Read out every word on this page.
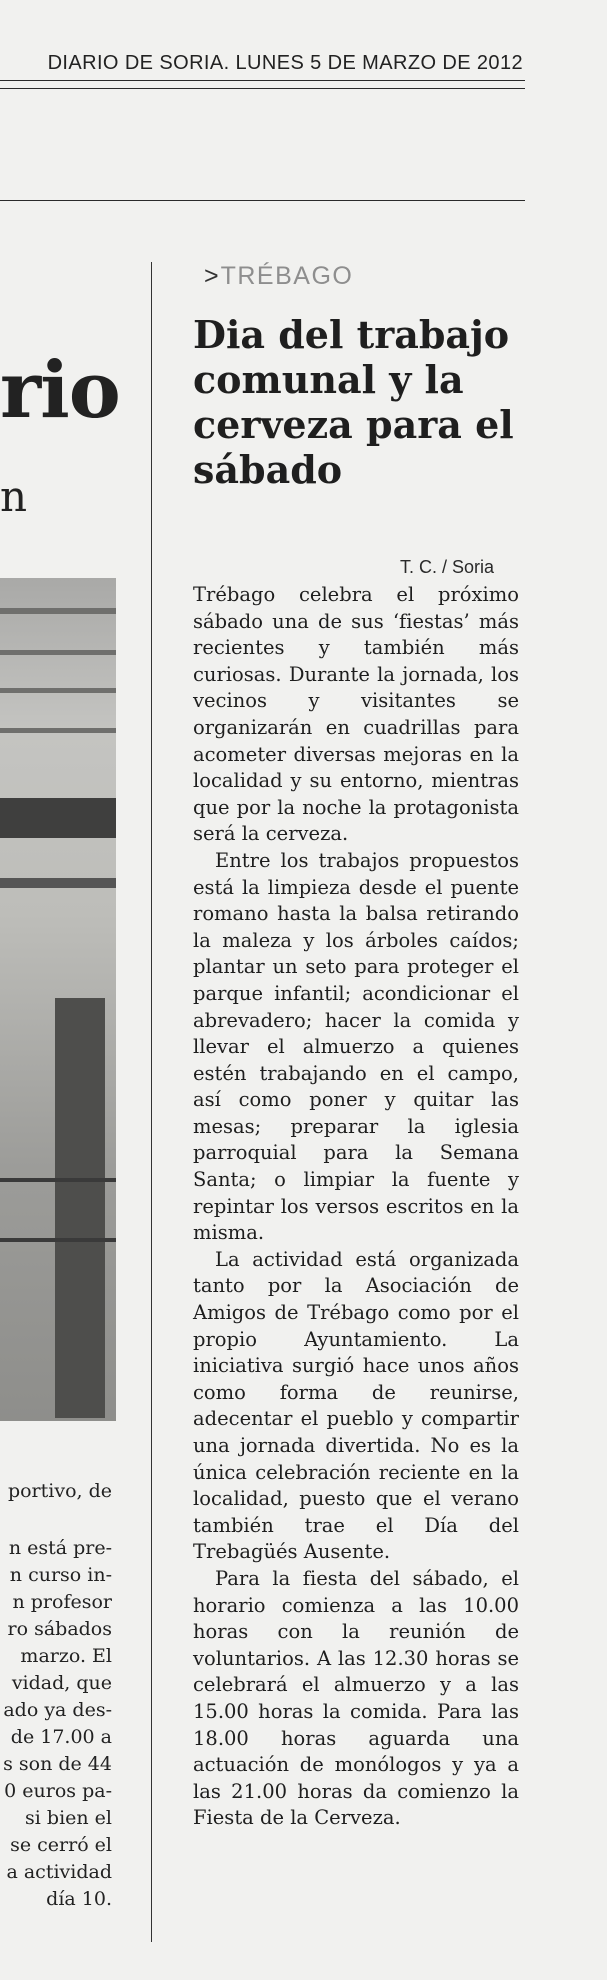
DIARIO DE SORIA. LUNES 5 DE MARZO DE 2012
rio
n
portivo, de
n está pre-
n curso in-
n profesor
ro sábados
marzo. El
vidad, que
ado ya des-
de 17.00 a
s son de 44
0 euros pa-
si bien el
se cerró el
a actividad
día 10.
>TRÉBAGO
Dia del trabajo comunal y la cerveza para el sábado
T. C. / Soria

Trébago celebra el próximo sábado una de sus ‘fiestas’ más recientes y también más curiosas. Durante la jornada, los vecinos y visitantes se organizarán en cuadrillas para acometer diversas mejoras en la localidad y su entorno, mientras que por la noche la protagonista será la cerveza.

Entre los trabajos propuestos está la limpieza desde el puente romano hasta la balsa retirando la maleza y los árboles caídos; plantar un seto para proteger el parque infantil; acondicionar el abrevadero; hacer la comida y llevar el almuerzo a quienes estén trabajando en el campo, así como poner y quitar las mesas; preparar la iglesia parroquial para la Semana Santa; o limpiar la fuente y repintar los versos escritos en la misma.

La actividad está organizada tanto por la Asociación de Amigos de Trébago como por el propio Ayuntamiento. La iniciativa surgió hace unos años como forma de reunirse, adecentar el pueblo y compartir una jornada divertida. No es la única celebración reciente en la localidad, puesto que el verano también trae el Día del Trebagüés Ausente.

Para la fiesta del sábado, el horario comienza a las 10.00 horas con la reunión de voluntarios. A las 12.30 horas se celebrará el almuerzo y a las 15.00 horas la comida. Para las 18.00 horas aguarda una actuación de monólogos y ya a las 21.00 horas da comienzo la Fiesta de la Cerveza.
